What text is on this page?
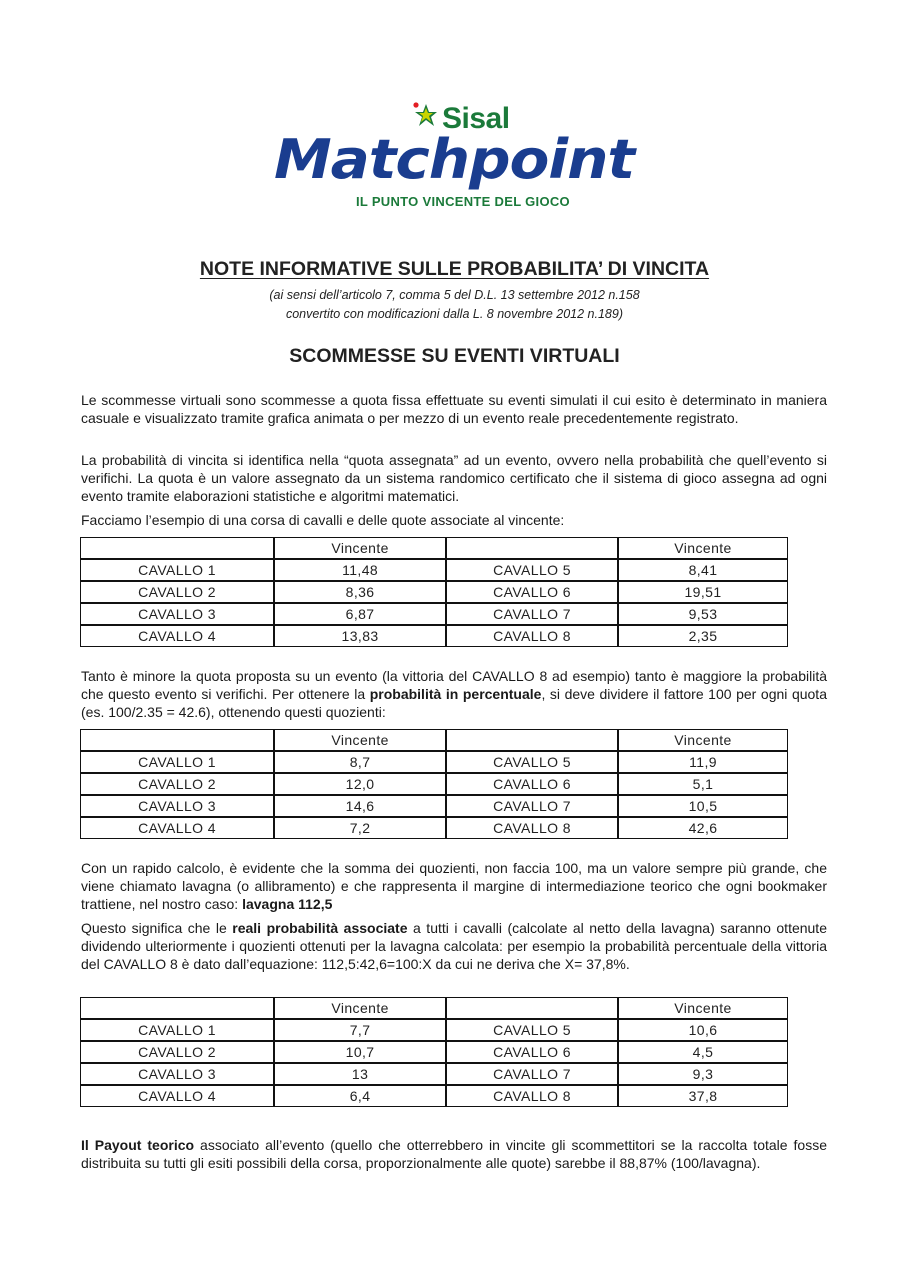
Sisal
Matchpoint
IL PUNTO VINCENTE DEL GIOCO
NOTE INFORMATIVE SULLE PROBABILITA’ DI VINCITA
(ai sensi dell’articolo 7, comma 5 del D.L. 13 settembre 2012 n.158
convertito con modificazioni dalla L. 8 novembre 2012 n.189)
SCOMMESSE SU EVENTI VIRTUALI
Le scommesse virtuali sono scommesse a quota fissa effettuate su eventi simulati il cui esito è determinato in maniera casuale e visualizzato tramite grafica animata o per mezzo di un evento reale precedentemente registrato.
La probabilità di vincita si identifica nella “quota assegnata” ad un evento, ovvero nella probabilità che quell’evento si verifichi. La quota è un valore assegnato da un sistema randomico certificato che il sistema di gioco assegna ad ogni evento tramite elaborazioni statistiche e algoritmi matematici.
Facciamo l’esempio di una corsa di cavalli e delle quote associate al vincente:
	Vincente		Vincente
CAVALLO 1	11,48	CAVALLO 5	8,41
CAVALLO 2	8,36	CAVALLO 6	19,51
CAVALLO 3	6,87	CAVALLO 7	9,53
CAVALLO 4	13,83	CAVALLO 8	2,35
Tanto è minore la quota proposta su un evento (la vittoria del CAVALLO 8 ad esempio) tanto è maggiore la probabilità che questo evento si verifichi. Per ottenere la probabilità in percentuale, si deve dividere il fattore 100 per ogni quota (es. 100/2.35 = 42.6), ottenendo questi quozienti:
	Vincente		Vincente
CAVALLO 1	8,7	CAVALLO 5	11,9
CAVALLO 2	12,0	CAVALLO 6	5,1
CAVALLO 3	14,6	CAVALLO 7	10,5
CAVALLO 4	7,2	CAVALLO 8	42,6
Con un rapido calcolo, è evidente che la somma dei quozienti, non faccia 100, ma un valore sempre più grande, che viene chiamato lavagna (o allibramento) e che rappresenta il margine di intermediazione teorico che ogni bookmaker trattiene, nel nostro caso: lavagna 112,5
Questo significa che le reali probabilità associate a tutti i cavalli (calcolate al netto della lavagna) saranno ottenute dividendo ulteriormente i quozienti ottenuti per la lavagna calcolata: per esempio la probabilità percentuale della vittoria del CAVALLO 8 è dato dall’equazione: 112,5:42,6=100:X da cui ne deriva che X= 37,8%.
	Vincente		Vincente
CAVALLO 1	7,7	CAVALLO 5	10,6
CAVALLO 2	10,7	CAVALLO 6	4,5
CAVALLO 3	13	CAVALLO 7	9,3
CAVALLO 4	6,4	CAVALLO 8	37,8
Il Payout teorico associato all’evento (quello che otterrebbero in vincite gli scommettitori se la raccolta totale fosse distribuita su tutti gli esiti possibili della corsa, proporzionalmente alle quote) sarebbe il 88,87% (100/lavagna).
